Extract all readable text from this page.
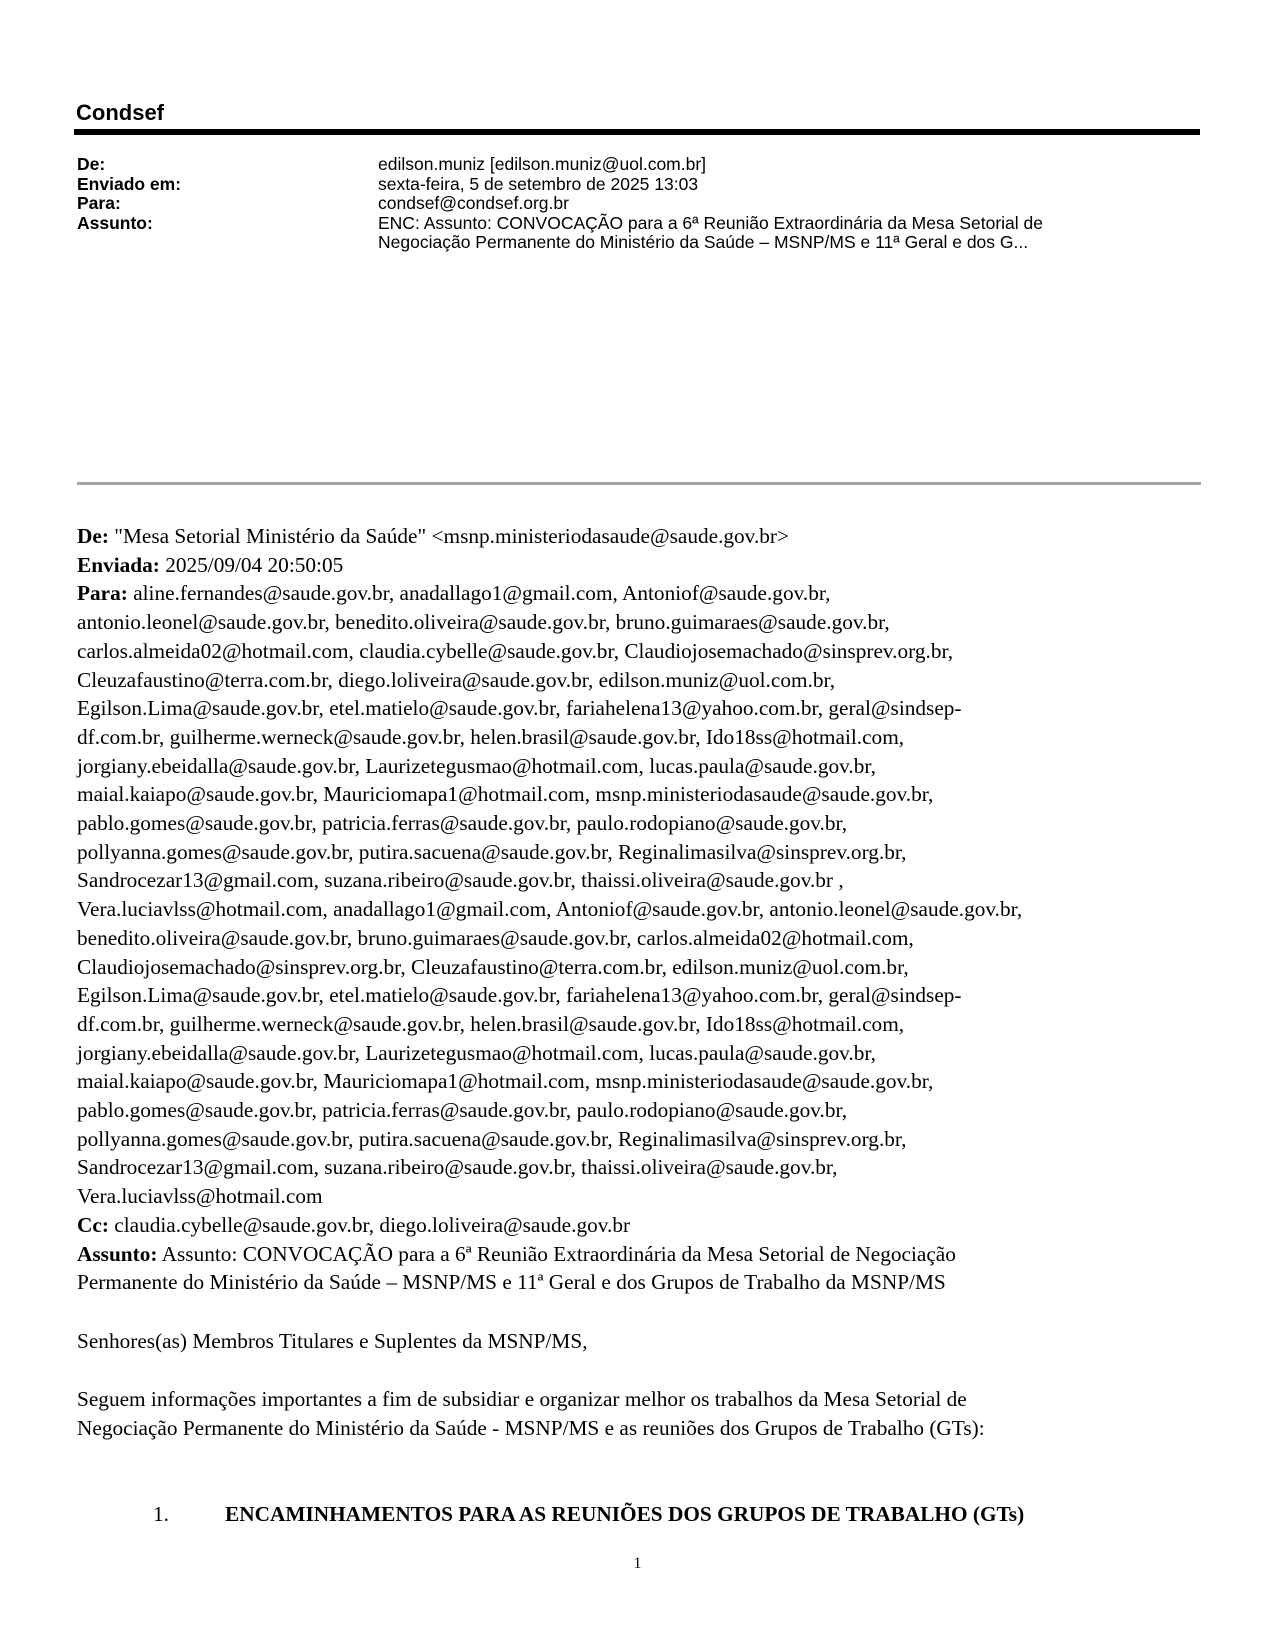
Condsef
De:	edilson.muniz [edilson.muniz@uol.com.br]
Enviado em:	sexta-feira, 5 de setembro de 2025 13:03
Para:	condsef@condsef.org.br
Assunto:	ENC: Assunto: CONVOCAÇÃO para a 6ª Reunião Extraordinária da Mesa Setorial de
Negociação Permanente do Ministério da Saúde – MSNP/MS e 11ª Geral e dos G...

De: "Mesa Setorial Ministério da Saúde" <msnp.ministeriodasaude@saude.gov.br>

Enviada: 2025/09/04 20:50:05

Para: aline.fernandes@saude.gov.br, anadallago1@gmail.com, Antoniof@saude.gov.br,

antonio.leonel@saude.gov.br, benedito.oliveira@saude.gov.br, bruno.guimaraes@saude.gov.br,
carlos.almeida02@hotmail.com, claudia.cybelle@saude.gov.br, Claudiojosemachado@sinsprev.org.br,
Cleuzafaustino@terra.com.br, diego.loliveira@saude.gov.br, edilson.muniz@uol.com.br,
Egilson.Lima@saude.gov.br, etel.matielo@saude.gov.br, fariahelena13@yahoo.com.br, geral@sindsep-
df.com.br, guilherme.werneck@saude.gov.br, helen.brasil@saude.gov.br, Ido18ss@hotmail.com,
jorgiany.ebeidalla@saude.gov.br, Laurizetegusmao@hotmail.com, lucas.paula@saude.gov.br,
maial.kaiapo@saude.gov.br, Mauriciomapa1@hotmail.com, msnp.ministeriodasaude@saude.gov.br,
pablo.gomes@saude.gov.br, patricia.ferras@saude.gov.br, paulo.rodopiano@saude.gov.br,
pollyanna.gomes@saude.gov.br, putira.sacuena@saude.gov.br, Reginalimasilva@sinsprev.org.br,
Sandrocezar13@gmail.com, suzana.ribeiro@saude.gov.br, thaissi.oliveira@saude.gov.br ,
Vera.luciavlss@hotmail.com, anadallago1@gmail.com, Antoniof@saude.gov.br, antonio.leonel@saude.gov.br,
benedito.oliveira@saude.gov.br, bruno.guimaraes@saude.gov.br, carlos.almeida02@hotmail.com,
Claudiojosemachado@sinsprev.org.br, Cleuzafaustino@terra.com.br, edilson.muniz@uol.com.br,
Egilson.Lima@saude.gov.br, etel.matielo@saude.gov.br, fariahelena13@yahoo.com.br, geral@sindsep-
df.com.br, guilherme.werneck@saude.gov.br, helen.brasil@saude.gov.br, Ido18ss@hotmail.com,
jorgiany.ebeidalla@saude.gov.br, Laurizetegusmao@hotmail.com, lucas.paula@saude.gov.br,
maial.kaiapo@saude.gov.br, Mauriciomapa1@hotmail.com, msnp.ministeriodasaude@saude.gov.br,
pablo.gomes@saude.gov.br, patricia.ferras@saude.gov.br, paulo.rodopiano@saude.gov.br,
pollyanna.gomes@saude.gov.br, putira.sacuena@saude.gov.br, Reginalimasilva@sinsprev.org.br,
Sandrocezar13@gmail.com, suzana.ribeiro@saude.gov.br, thaissi.oliveira@saude.gov.br,
Vera.luciavlss@hotmail.com

Cc: claudia.cybelle@saude.gov.br, diego.loliveira@saude.gov.br

Assunto: Assunto: CONVOCAÇÃO para a 6ª Reunião Extraordinária da Mesa Setorial de Negociação

Permanente do Ministério da Saúde – MSNP/MS e 11ª Geral e dos Grupos de Trabalho da MSNP/MS

Senhores(as) Membros Titulares e Suplentes da MSNP/MS,
Seguem informações importantes a fim de subsidiar e organizar melhor os trabalhos da Mesa Setorial de
Negociação Permanente do Ministério da Saúde - MSNP/MS e as reuniões dos Grupos de Trabalho (GTs):
1.	ENCAMINHAMENTOS PARA AS REUNIÕES DOS GRUPOS DE TRABALHO (GTs)
1
